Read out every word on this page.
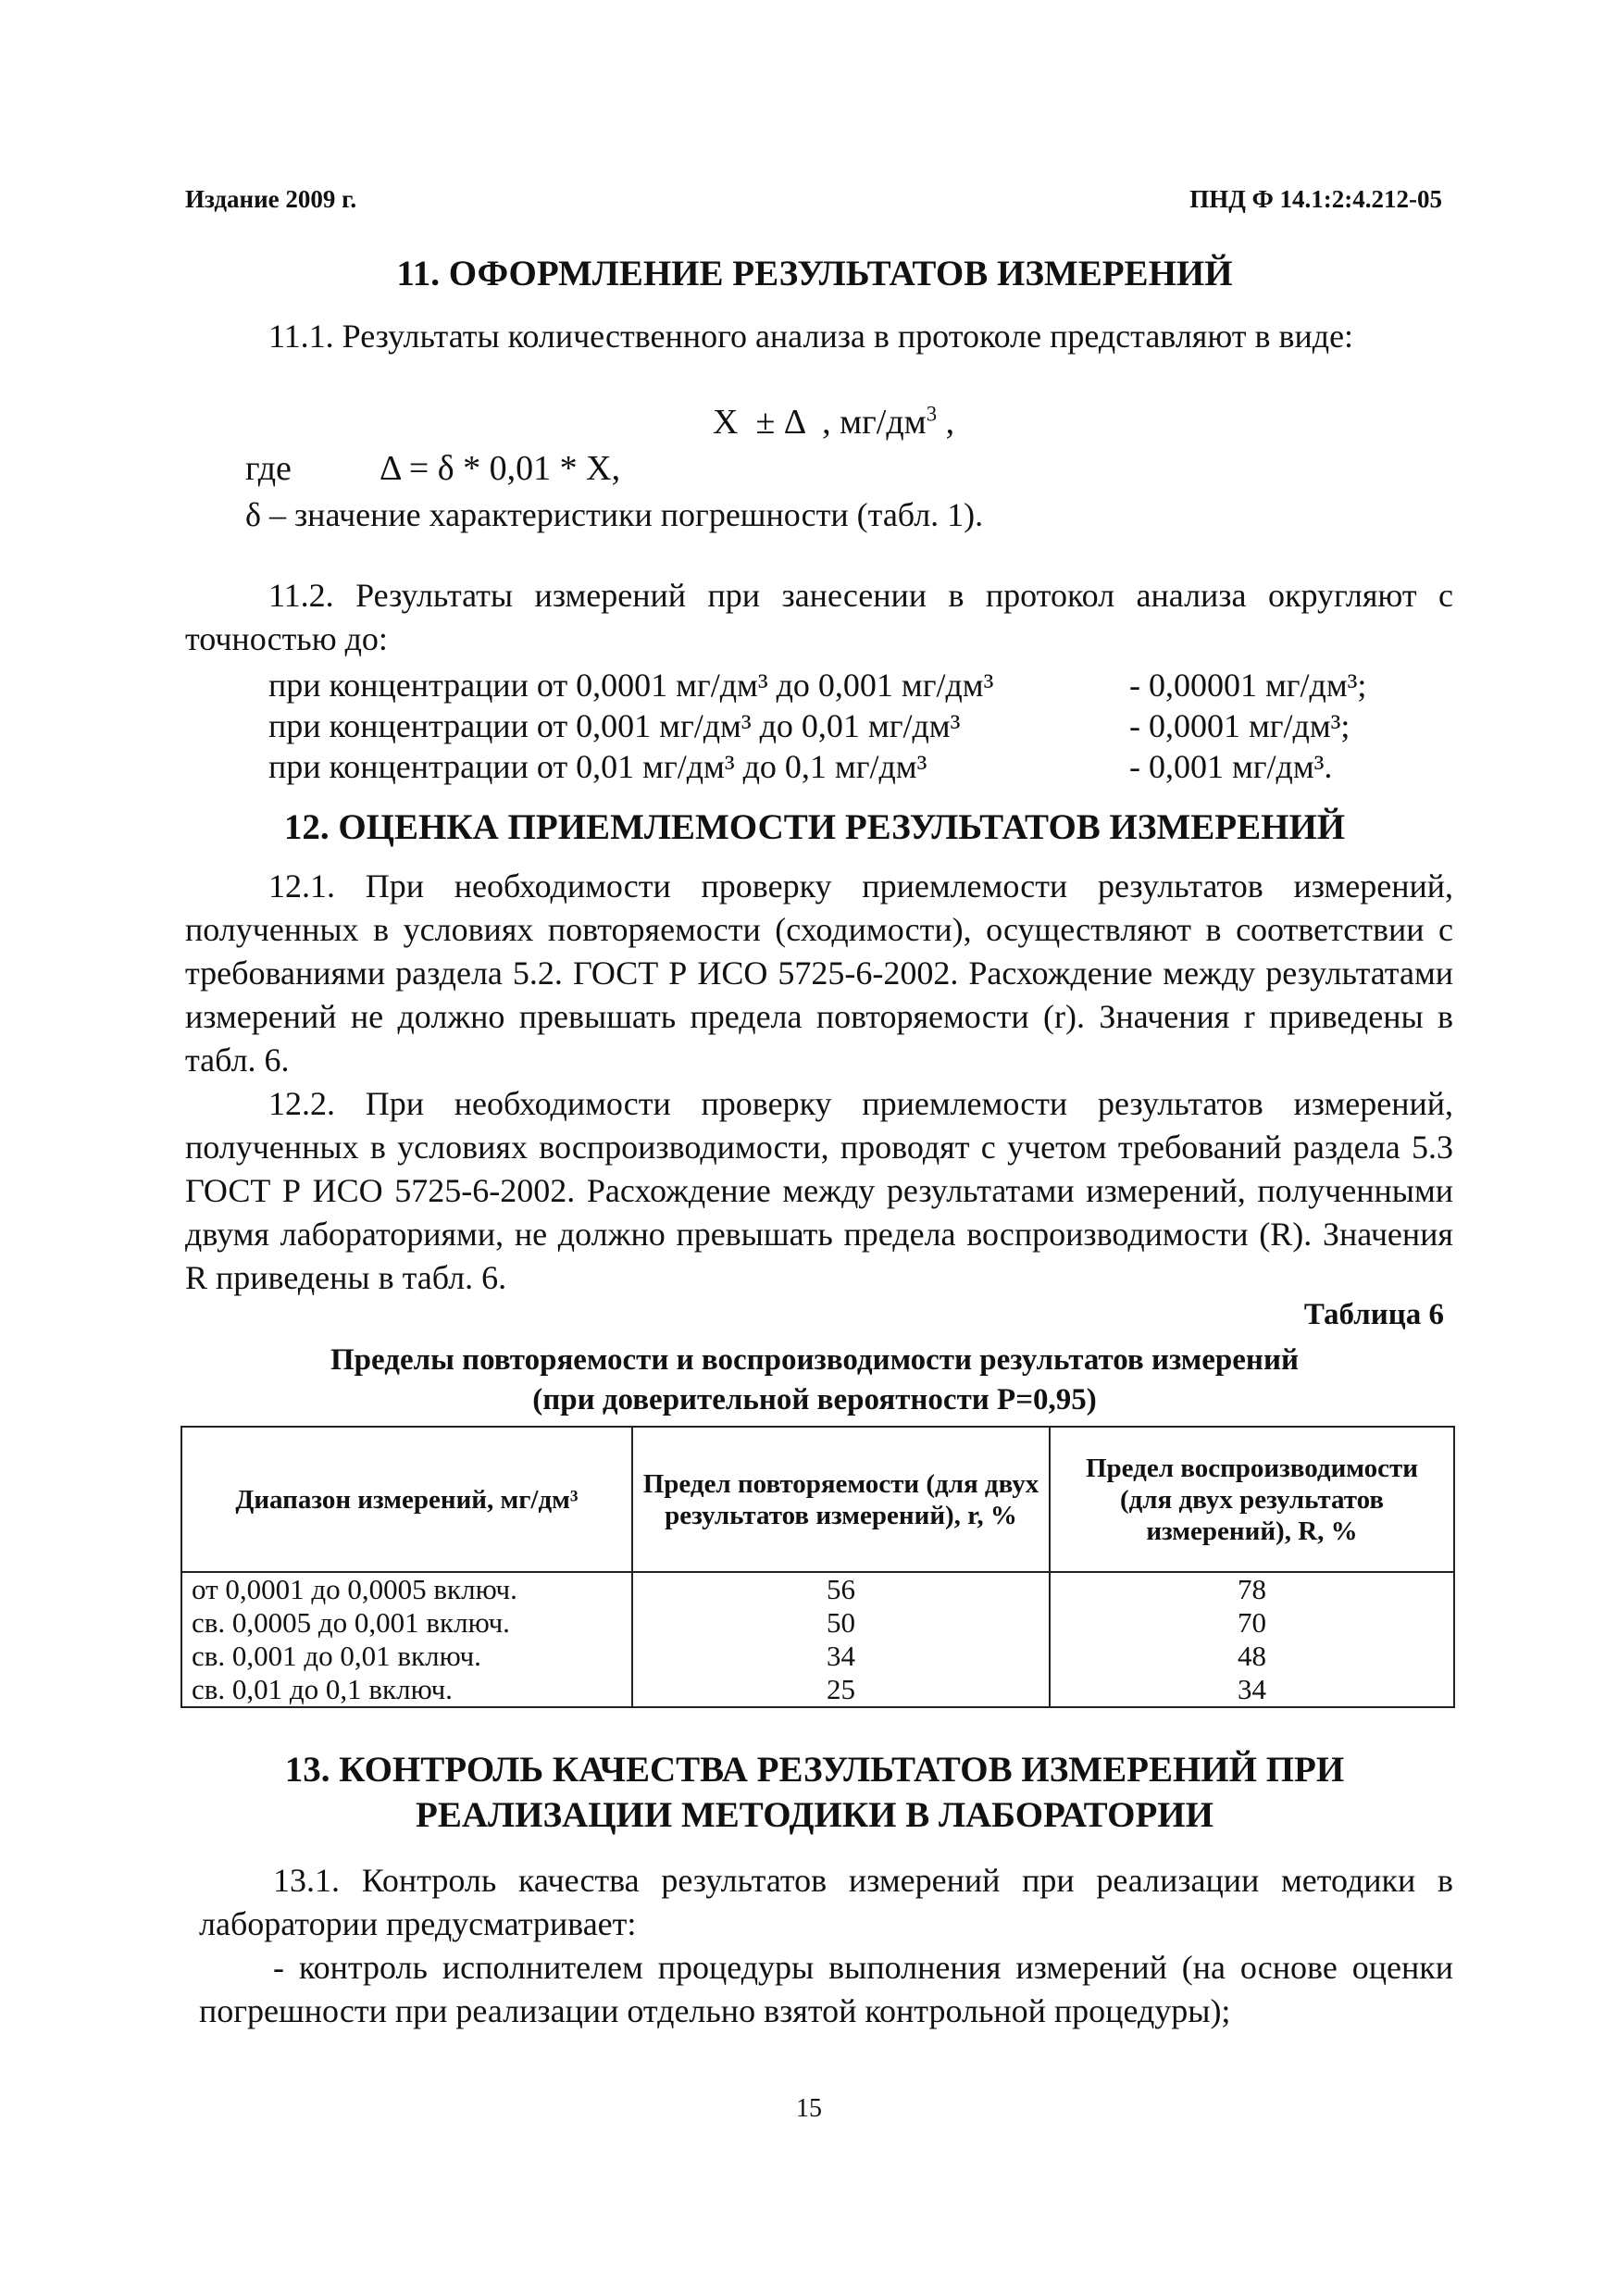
Издание 2009 г.	ПНД Ф 14.1:2:4.212-05
11. ОФОРМЛЕНИЕ РЕЗУЛЬТАТОВ ИЗМЕРЕНИЙ

11.1. Результаты количественного анализа в протоколе представляют в виде:

X  ± Δ  , $мг/дм^3$ ,
где	Δ = δ * 0,01 * X,

δ – значение характеристики погрешности (табл. 1).

11.2. Результаты измерений при занесении в протокол анализа округляют с точностью до:

при концентрации от 0,0001 мг/дм³ до 0,001 мг/дм³	- 0,00001 мг/дм³;
при концентрации от 0,001 мг/дм³ до 0,01 мг/дм³	- 0,0001 мг/дм³;
при концентрации от 0,01 мг/дм³ до 0,1 мг/дм³	- 0,001 мг/дм³.
12. ОЦЕНКА ПРИЕМЛЕМОСТИ РЕЗУЛЬТАТОВ ИЗМЕРЕНИЙ

12.1. При необходимости проверку приемлемости результатов измерений, полученных в условиях повторяемости (сходимости), осуществляют в соответствии с требованиями раздела 5.2. ГОСТ Р ИСО 5725-6-2002. Расхождение между результатами измерений не должно превышать предела повторяемости (r). Значения r приведены в табл. 6.

12.2. При необходимости проверку приемлемости результатов измерений, полученных в условиях воспроизводимости, проводят с учетом требований раздела 5.3 ГОСТ Р ИСО 5725-6-2002. Расхождение между результатами измерений, полученными двумя лабораториями, не должно превышать предела воспроизводимости (R). Значения R приведены в табл. 6.

Таблица 6
Пределы повторяемости и воспроизводимости результатов измерений
(при доверительной вероятности P=0,95)
Диапазон измерений, мг/дм³	Предел повторяемости (для двух результатов измерений), r, %	Предел воспроизводимости (для двух результатов измерений), R, %
от 0,0001 до 0,0005 включ.	56	78
св. 0,0005 до 0,001 включ.	50	70
св. 0,001 до 0,01 включ.	34	48
св. 0,01 до 0,1 включ.	25	34
13. КОНТРОЛЬ КАЧЕСТВА РЕЗУЛЬТАТОВ ИЗМЕРЕНИЙ ПРИ
РЕАЛИЗАЦИИ МЕТОДИКИ В ЛАБОРАТОРИИ

13.1. Контроль качества результатов измерений при реализации методики в лаборатории предусматривает:

- контроль исполнителем процедуры выполнения измерений (на основе оценки погрешности при реализации отдельно взятой контрольной процедуры);

15
